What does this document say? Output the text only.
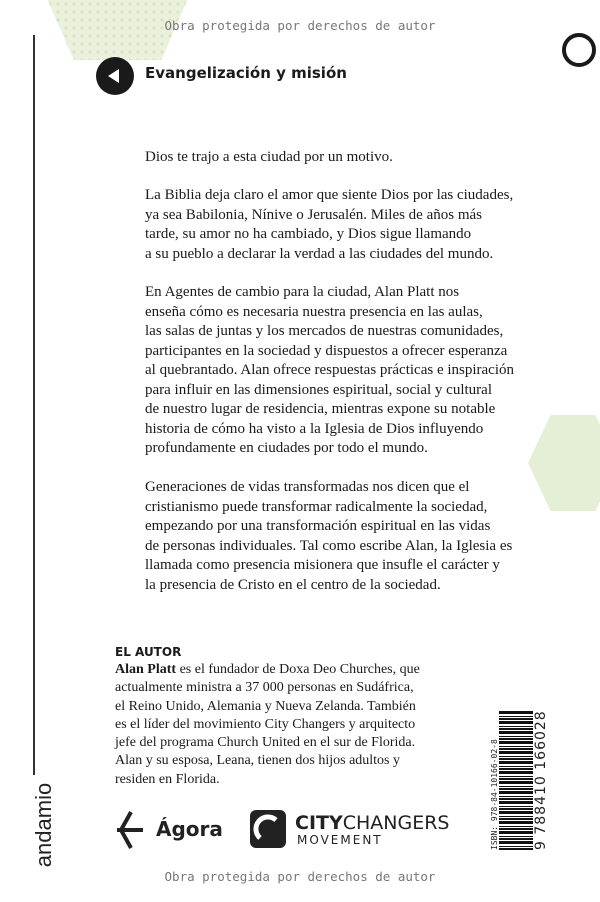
Obra protegida por derechos de autor
Evangelización y misión
Dios te trajo a esta ciudad por un motivo.
La Biblia deja claro el amor que siente Dios por las ciudades,
ya sea Babilonia, Nínive o Jerusalén. Miles de años más
tarde, su amor no ha cambiado, y Dios sigue llamando
a su pueblo a declarar la verdad a las ciudades del mundo.
En Agentes de cambio para la ciudad, Alan Platt nos
enseña cómo es necesaria nuestra presencia en las aulas,
las salas de juntas y los mercados de nuestras comunidades,
participantes en la sociedad y dispuestos a ofrecer esperanza
al quebrantado. Alan ofrece respuestas prácticas e inspiración
para influir en las dimensiones espiritual, social y cultural
de nuestro lugar de residencia, mientras expone su notable
historia de cómo ha visto a la Iglesia de Dios influyendo
profundamente en ciudades por todo el mundo.
Generaciones de vidas transformadas nos dicen que el
cristianismo puede transformar radicalmente la sociedad,
empezando por una transformación espiritual en las vidas
de personas individuales. Tal como escribe Alan, la Iglesia es
llamada como presencia misionera que insufle el carácter y
la presencia de Cristo en el centro de la sociedad.
EL AUTOR
Alan Platt es el fundador de Doxa Deo Churches, que
actualmente ministra a 37 000 personas en Sudáfrica,
el Reino Unido, Alemania y Nueva Zelanda. También
es el líder del movimiento City Changers y arquitecto
jefe del programa Church United en el sur de Florida.
Alan y su esposa, Leana, tienen dos hijos adultos y
residen en Florida.
andamio	Ágora	CITYCHANGERS
MOVEMENT	ISBN: 978-84-10166-02-8 9 788410 166028
Obra protegida por derechos de autor
